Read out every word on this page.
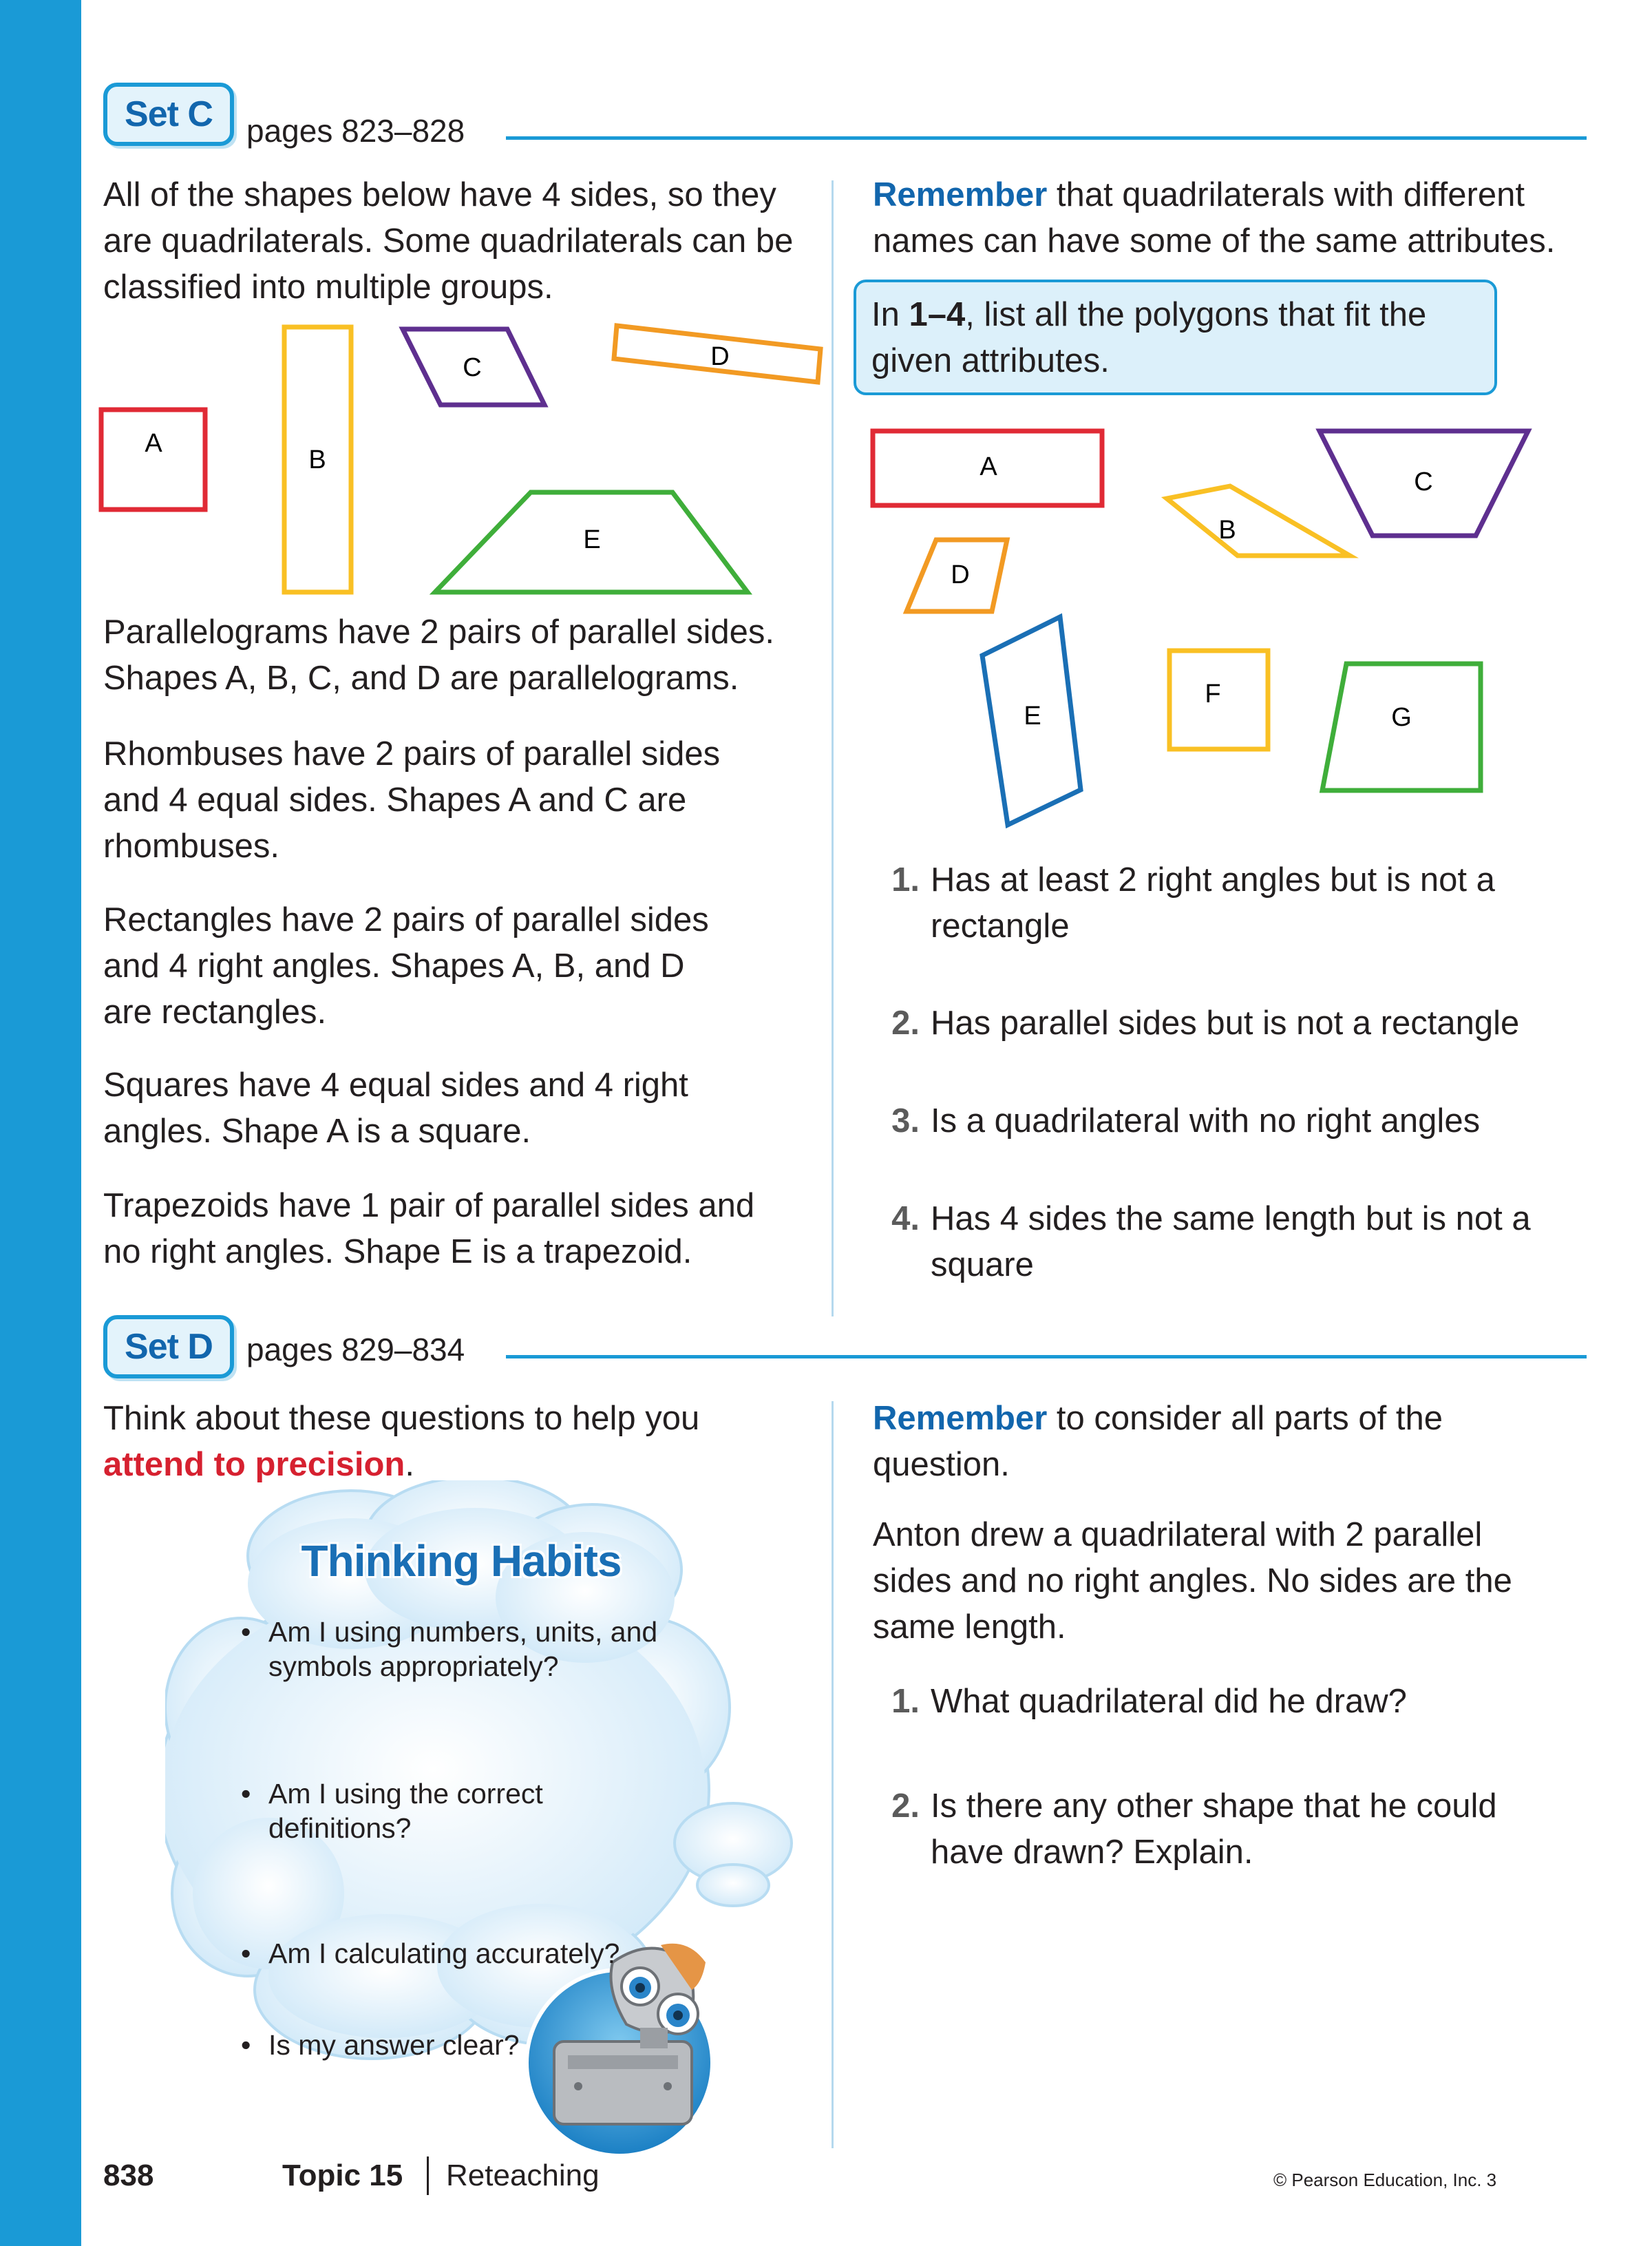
Set C	pages 823–828

All of the shapes below have 4 sides, so they are quadrilaterals. Some quadrilaterals can be classified into multiple groups.

A
B
C	D
E

Parallelograms have 2 pairs of parallel sides. Shapes A, B, C, and D are parallelograms.

Rhombuses have 2 pairs of parallel sides and 4 equal sides. Shapes A and C are rhombuses.

Rectangles have 2 pairs of parallel sides and 4 right angles. Shapes A, B, and D are rectangles.

Squares have 4 equal sides and 4 right angles. Shape A is a square.

Trapezoids have 1 pair of parallel sides and no right angles. Shape E is a trapezoid.

Remember that quadrilaterals with different names can have some of the same attributes.

In 1–4, list all the polygons that fit the given attributes.
A
B
C
D
E
F
G
1. Has at least 2 right angles but is not a rectangle
2. Has parallel sides but is not a rectangle
3. Is a quadrilateral with no right angles
4. Has 4 sides the same length but is not a square
Set D	pages 829–834

Think about these questions to help you
attend to precision.

Thinking Habits
• Am I using numbers, units, and symbols appropriately?
• Am I using the correct definitions?
• Am I calculating accurately?
• Is my answer clear?

Remember to consider all parts of the question.

Anton drew a quadrilateral with 2 parallel sides and no right angles. No sides are the same length.

1. What quadrilateral did he draw?
2. Is there any other shape that he could have drawn? Explain.
838	Topic 15 Reteaching	© Pearson Education, Inc. 3
